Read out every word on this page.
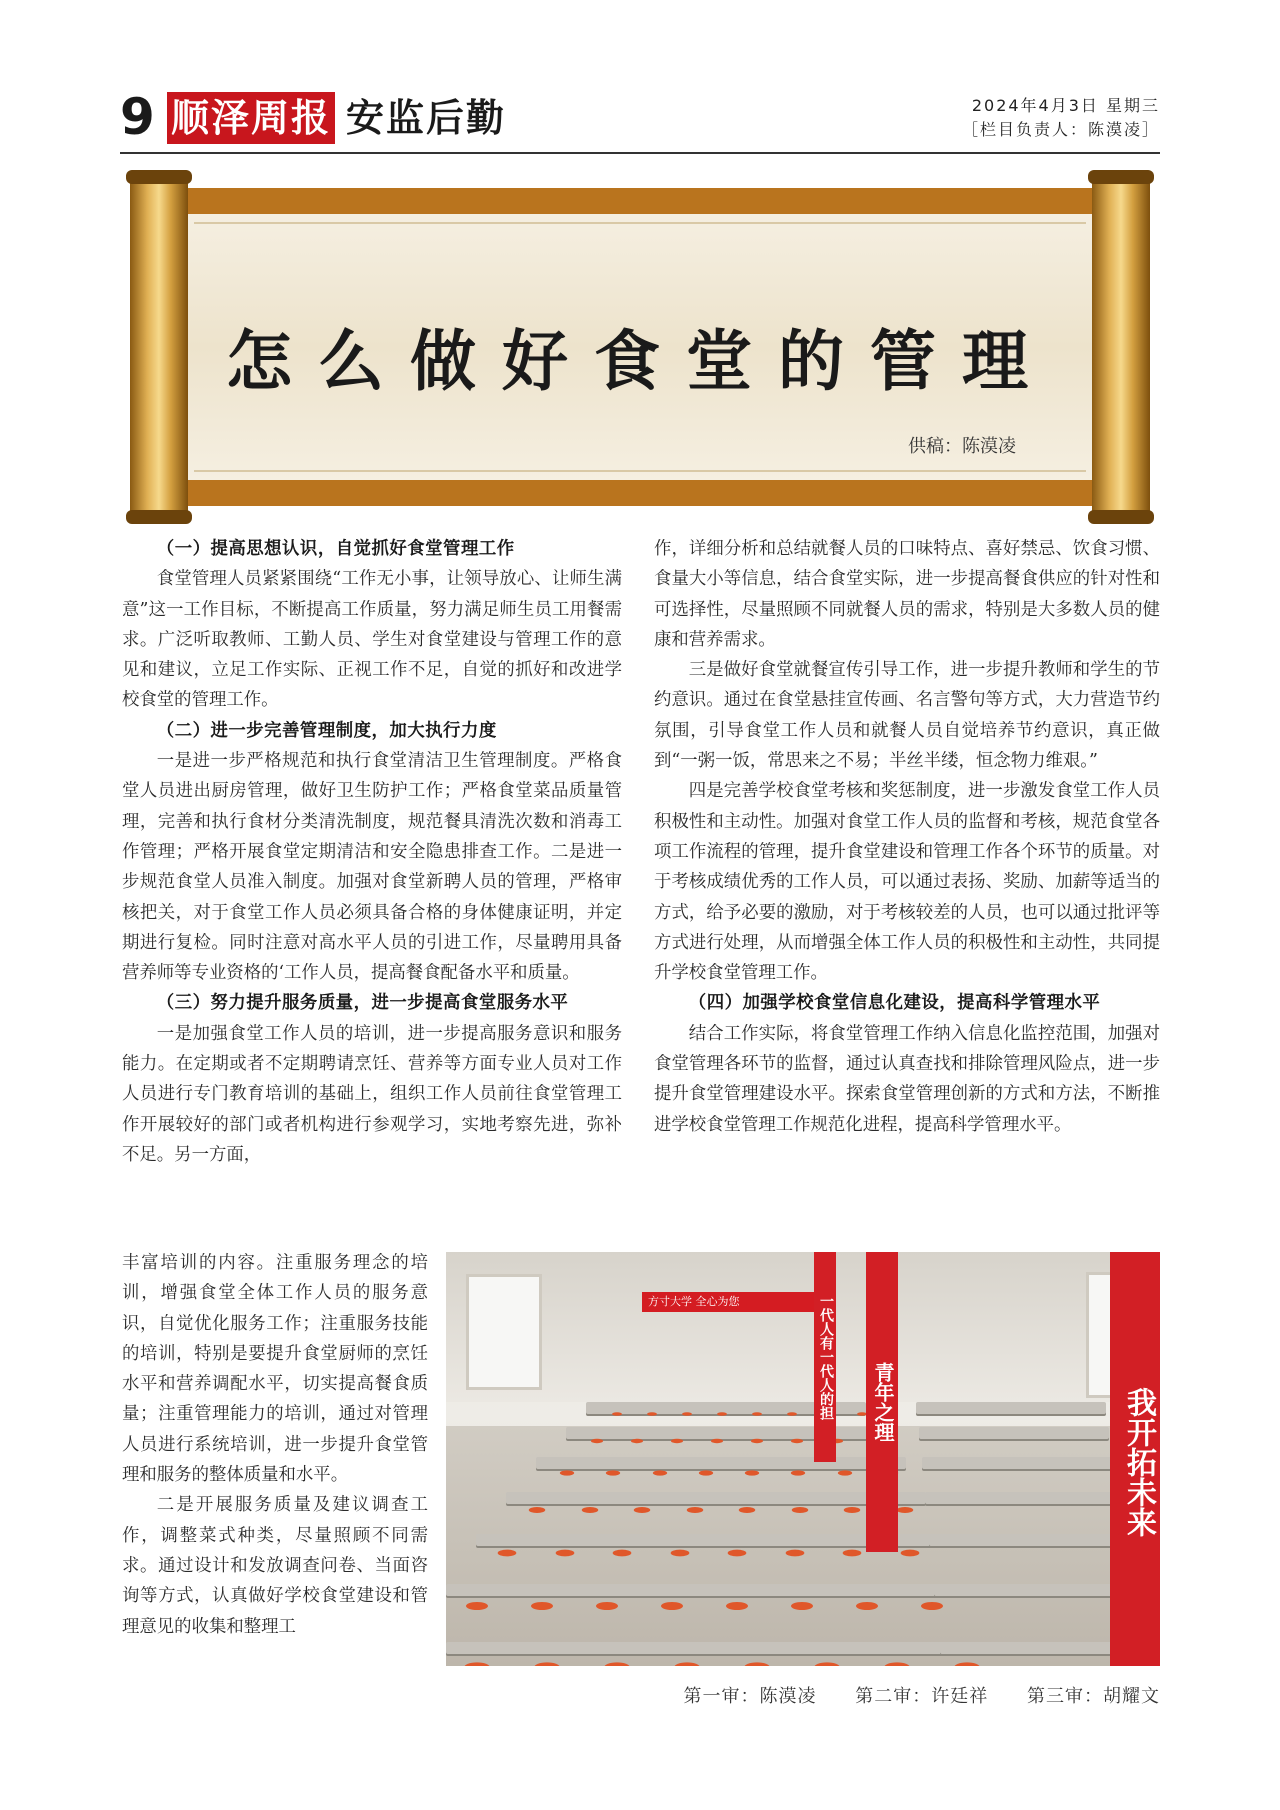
9 顺泽周报 安监后勤	2024年4月3日 星期三
［栏目负责人：陈漠凌］
怎么做好食堂的管理
供稿：陈漠凌
（一）提高思想认识，自觉抓好食堂管理工作

食堂管理人员紧紧围绕“工作无小事，让领导放心、让师生满意”这一工作目标，不断提高工作质量，努力满足师生员工用餐需求。广泛听取教师、工勤人员、学生对食堂建设与管理工作的意见和建议，立足工作实际、正视工作不足，自觉的抓好和改进学校食堂的管理工作。

（二）进一步完善管理制度，加大执行力度

一是进一步严格规范和执行食堂清洁卫生管理制度。严格食堂人员进出厨房管理，做好卫生防护工作；严格食堂菜品质量管理，完善和执行食材分类清洗制度，规范餐具清洗次数和消毒工作管理；严格开展食堂定期清洁和安全隐患排查工作。二是进一步规范食堂人员准入制度。加强对食堂新聘人员的管理，严格审核把关，对于食堂工作人员必须具备合格的身体健康证明，并定期进行复检。同时注意对高水平人员的引进工作，尽量聘用具备营养师等专业资格的‘工作人员，提高餐食配备水平和质量。

（三）努力提升服务质量，进一步提高食堂服务水平

一是加强食堂工作人员的培训，进一步提高服务意识和服务能力。在定期或者不定期聘请烹饪、营养等方面专业人员对工作人员进行专门教育培训的基础上，组织工作人员前往食堂管理工作开展较好的部门或者机构进行参观学习，实地考察先进，弥补不足。另一方面，

作，详细分析和总结就餐人员的口味特点、喜好禁忌、饮食习惯、食量大小等信息，结合食堂实际，进一步提高餐食供应的针对性和可选择性，尽量照顾不同就餐人员的需求，特别是大多数人员的健康和营养需求。

三是做好食堂就餐宣传引导工作，进一步提升教师和学生的节约意识。通过在食堂悬挂宣传画、名言警句等方式，大力营造节约氛围，引导食堂工作人员和就餐人员自觉培养节约意识，真正做到“一粥一饭，常思来之不易；半丝半缕，恒念物力维艰。”

四是完善学校食堂考核和奖惩制度，进一步激发食堂工作人员积极性和主动性。加强对食堂工作人员的监督和考核，规范食堂各项工作流程的管理，提升食堂建设和管理工作各个环节的质量。对于考核成绩优秀的工作人员，可以通过表扬、奖励、加薪等适当的方式，给予必要的激励，对于考核较差的人员，也可以通过批评等方式进行处理，从而增强全体工作人员的积极性和主动性，共同提升学校食堂管理工作。

（四）加强学校食堂信息化建设，提高科学管理水平

结合工作实际，将食堂管理工作纳入信息化监控范围，加强对食堂管理各环节的监督，通过认真查找和排除管理风险点，进一步提升食堂管理建设水平。探索食堂管理创新的方式和方法，不断推进学校食堂管理工作规范化进程，提高科学管理水平。

丰富培训的内容。注重服务理念的培训，增强食堂全体工作人员的服务意识，自觉优化服务工作；注重服务技能的培训，特别是要提升食堂厨师的烹饪水平和营养调配水平，切实提高餐食质量；注重管理能力的培训，通过对管理人员进行系统培训，进一步提升食堂管理和服务的整体质量和水平。

二是开展服务质量及建议调查工作，调整菜式种类，尽量照顾不同需求。通过设计和发放调查问卷、当面咨询等方式，认真做好学校食堂建设和管理意见的收集和整理工

方寸大学 全心为您	一代人有一代人的担 青年之理	我开拓未来
第一审：陈漠凌 第二审：许廷祥 第三审：胡耀文
